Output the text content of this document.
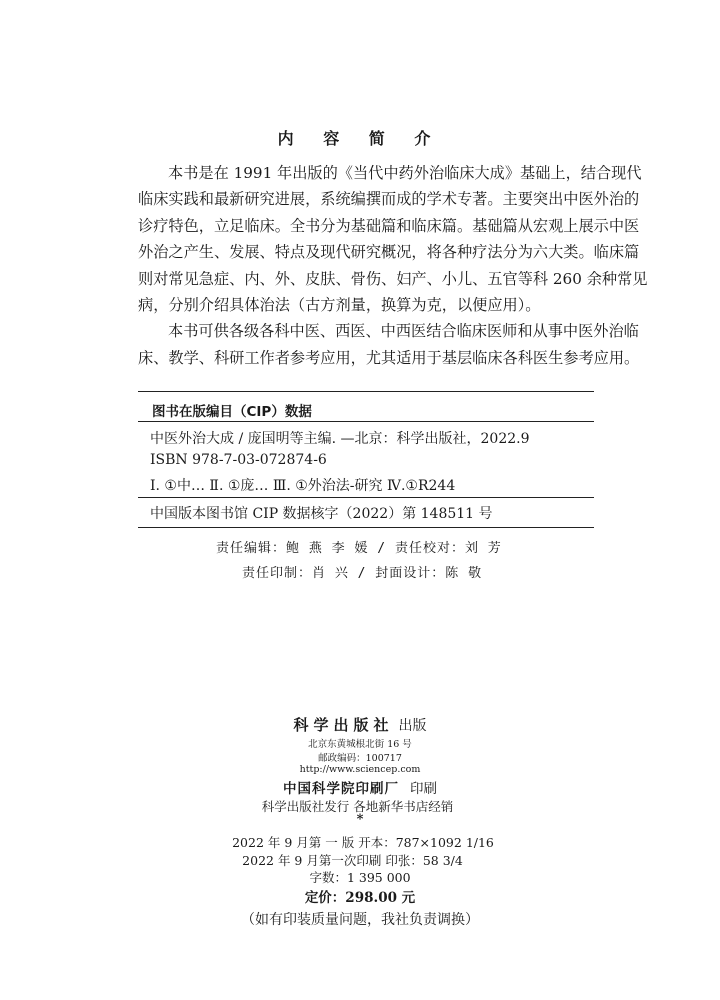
内 容 简 介

本书是在 1991 年出版的《当代中药外治临床大成》基础上，结合现代

临床实践和最新研究进展，系统编撰而成的学术专著。主要突出中医外治的

诊疗特色，立足临床。全书分为基础篇和临床篇。基础篇从宏观上展示中医

外治之产生、发展、特点及现代研究概况，将各种疗法分为六大类。临床篇

则对常见急症、内、外、皮肤、骨伤、妇产、小儿、五官等科 260 余种常见

病，分别介绍具体治法（古方剂量，换算为克，以便应用）。

本书可供各级各科中医、西医、中西医结合临床医师和从事中医外治临

床、教学、科研工作者参考应用，尤其适用于基层临床各科医生参考应用。

图书在版编目（CIP）数据
中医外治大成 / 庞国明等主编. —北京：科学出版社，2022.9
ISBN 978-7-03-072874-6
Ⅰ. ①中… Ⅱ. ①庞… Ⅲ. ①外治法-研究 Ⅳ.①R244
中国版本图书馆 CIP 数据核字（2022）第 148511 号
责任编辑：鲍 燕 李 媛 / 责任校对：刘 芳
责任印制：肖 兴 / 封面设计：陈 敬
科学出版社 出版
北京东黄城根北街 16 号
邮政编码：100717
http://www.sciencep.com
中国科学院印刷厂 印刷
科学出版社发行 各地新华书店经销
*
2022 年 9 月第 一 版 开本：787×1092 1/16
2022 年 9 月第一次印刷 印张：58 3/4
字数：1 395 000
定价：298.00 元
（如有印装质量问题，我社负责调换）
